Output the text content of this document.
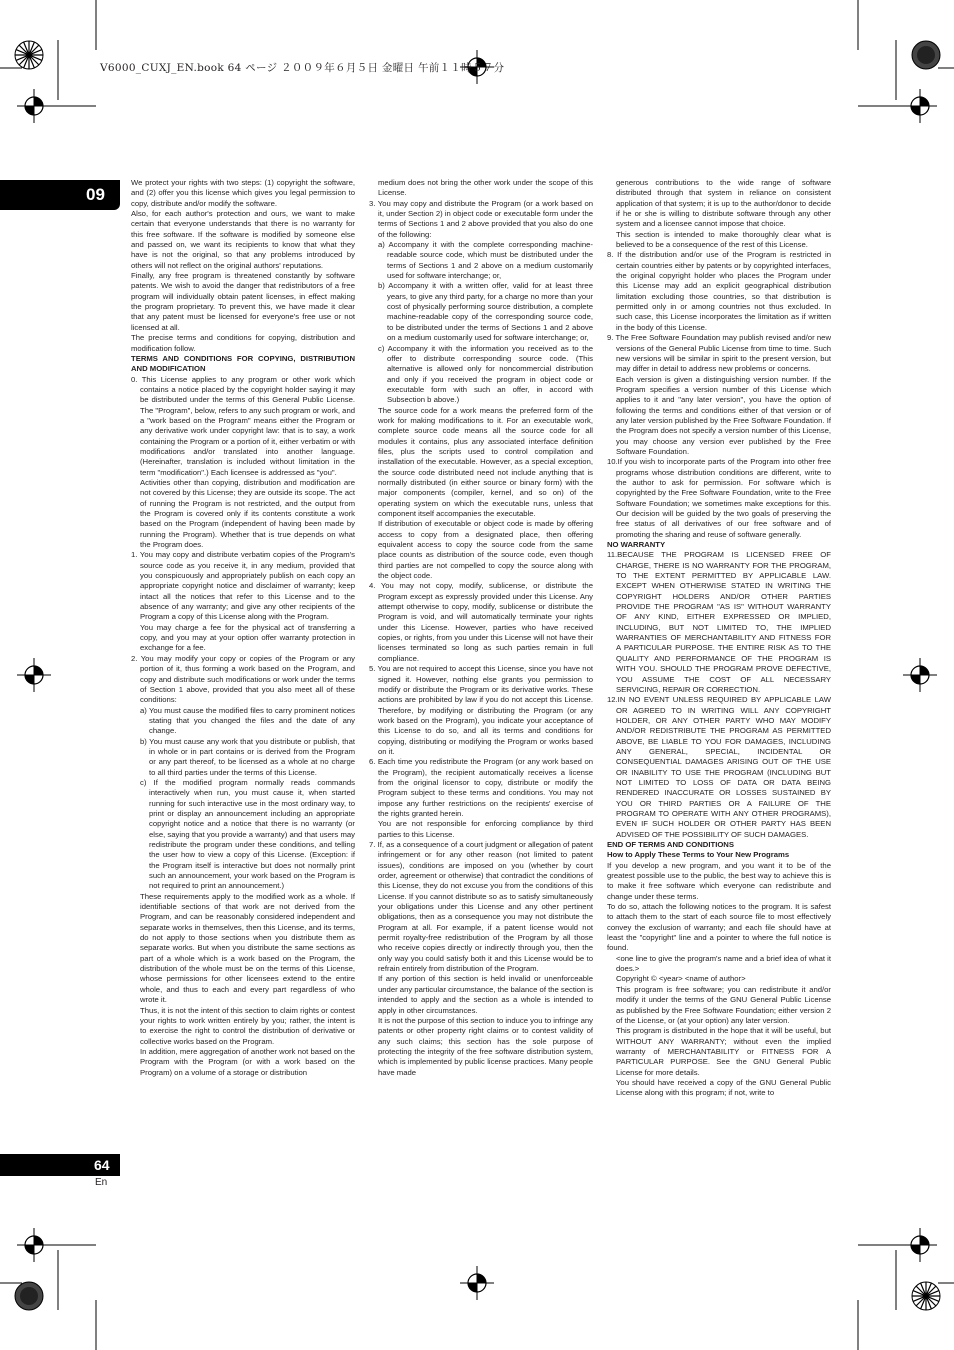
V6000_CUXJ_EN.book 64 ページ ２００９年６月５日 金曜日 午前１１時５７分
09

We protect your rights with two steps: (1) copyright the software, and (2) offer you this license which gives you legal permission to copy, distribute and/or modify the software.

Also, for each author's protection and ours, we want to make certain that everyone understands that there is no warranty for this free software. If the software is modified by someone else and passed on, we want its recipients to know that what they have is not the original, so that any problems introduced by others will not reflect on the original authors' reputations.

Finally, any free program is threatened constantly by software patents. We wish to avoid the danger that redistributors of a free program will individually obtain patent licenses, in effect making the program proprietary. To prevent this, we have made it clear that any patent must be licensed for everyone's free use or not licensed at all.

The precise terms and conditions for copying, distribution and modification follow.

TERMS AND CONDITIONS FOR COPYING, DISTRIBUTION AND MODIFICATION

0. This License applies to any program or other work which contains a notice placed by the copyright holder saying it may be distributed under the terms of this General Public License. The "Program", below, refers to any such program or work, and a "work based on the Program" means either the Program or any derivative work under copyright law: that is to say, a work containing the Program or a portion of it, either verbatim or with modifications and/or translated into another language. (Hereinafter, translation is included without limitation in the term "modification".) Each licensee is addressed as "you".

Activities other than copying, distribution and modification are not covered by this License; they are outside its scope. The act of running the Program is not restricted, and the output from the Program is covered only if its contents constitute a work based on the Program (independent of having been made by running the Program). Whether that is true depends on what the Program does.

1. You may copy and distribute verbatim copies of the Program's source code as you receive it, in any medium, provided that you conspicuously and appropriately publish on each copy an appropriate copyright notice and disclaimer of warranty; keep intact all the notices that refer to this License and to the absence of any warranty; and give any other recipients of the Program a copy of this License along with the Program.

You may charge a fee for the physical act of transferring a copy, and you may at your option offer warranty protection in exchange for a fee.

2. You may modify your copy or copies of the Program or any portion of it, thus forming a work based on the Program, and copy and distribute such modifications or work under the terms of Section 1 above, provided that you also meet all of these conditions:

a) You must cause the modified files to carry prominent notices stating that you changed the files and the date of any change.

b) You must cause any work that you distribute or publish, that in whole or in part contains or is derived from the Program or any part thereof, to be licensed as a whole at no charge to all third parties under the terms of this License.

c) If the modified program normally reads commands interactively when run, you must cause it, when started running for such interactive use in the most ordinary way, to print or display an announcement including an appropriate copyright notice and a notice that there is no warranty (or else, saying that you provide a warranty) and that users may redistribute the program under these conditions, and telling the user how to view a copy of this License. (Exception: if the Program itself is interactive but does not normally print such an announcement, your work based on the Program is not required to print an announcement.)

These requirements apply to the modified work as a whole. If identifiable sections of that work are not derived from the Program, and can be reasonably considered independent and separate works in themselves, then this License, and its terms, do not apply to those sections when you distribute them as separate works. But when you distribute the same sections as part of a whole which is a work based on the Program, the distribution of the whole must be on the terms of this License, whose permissions for other licensees extend to the entire whole, and thus to each and every part regardless of who wrote it.

Thus, it is not the intent of this section to claim rights or contest your rights to work written entirely by you; rather, the intent is to exercise the right to control the distribution of derivative or collective works based on the Program.

In addition, mere aggregation of another work not based on the Program with the Program (or with a work based on the Program) on a volume of a storage or distribution

medium does not bring the other work under the scope of this License.

3. You may copy and distribute the Program (or a work based on it, under Section 2) in object code or executable form under the terms of Sections 1 and 2 above provided that you also do one of the following:

a) Accompany it with the complete corresponding machine-readable source code, which must be distributed under the terms of Sections 1 and 2 above on a medium customarily used for software interchange; or,

b) Accompany it with a written offer, valid for at least three years, to give any third party, for a charge no more than your cost of physically performing source distribution, a complete machine-readable copy of the corresponding source code, to be distributed under the terms of Sections 1 and 2 above on a medium customarily used for software interchange; or,

c) Accompany it with the information you received as to the offer to distribute corresponding source code. (This alternative is allowed only for noncommercial distribution and only if you received the program in object code or executable form with such an offer, in accord with Subsection b above.)

The source code for a work means the preferred form of the work for making modifications to it. For an executable work, complete source code means all the source code for all modules it contains, plus any associated interface definition files, plus the scripts used to control compilation and installation of the executable. However, as a special exception, the source code distributed need not include anything that is normally distributed (in either source or binary form) with the major components (compiler, kernel, and so on) of the operating system on which the executable runs, unless that component itself accompanies the executable.

If distribution of executable or object code is made by offering access to copy from a designated place, then offering equivalent access to copy the source code from the same place counts as distribution of the source code, even though third parties are not compelled to copy the source along with the object code.

4. You may not copy, modify, sublicense, or distribute the Program except as expressly provided under this License. Any attempt otherwise to copy, modify, sublicense or distribute the Program is void, and will automatically terminate your rights under this License. However, parties who have received copies, or rights, from you under this License will not have their licenses terminated so long as such parties remain in full compliance.

5. You are not required to accept this License, since you have not signed it. However, nothing else grants you permission to modify or distribute the Program or its derivative works. These actions are prohibited by law if you do not accept this License. Therefore, by modifying or distributing the Program (or any work based on the Program), you indicate your acceptance of this License to do so, and all its terms and conditions for copying, distributing or modifying the Program or works based on it.

6. Each time you redistribute the Program (or any work based on the Program), the recipient automatically receives a license from the original licensor to copy, distribute or modify the Program subject to these terms and conditions. You may not impose any further restrictions on the recipients' exercise of the rights granted herein.

You are not responsible for enforcing compliance by third parties to this License.

7. If, as a consequence of a court judgment or allegation of patent infringement or for any other reason (not limited to patent issues), conditions are imposed on you (whether by court order, agreement or otherwise) that contradict the conditions of this License, they do not excuse you from the conditions of this License. If you cannot distribute so as to satisfy simultaneously your obligations under this License and any other pertinent obligations, then as a consequence you may not distribute the Program at all. For example, if a patent license would not permit royalty-free redistribution of the Program by all those who receive copies directly or indirectly through you, then the only way you could satisfy both it and this License would be to refrain entirely from distribution of the Program.

If any portion of this section is held invalid or unenforceable under any particular circumstance, the balance of the section is intended to apply and the section as a whole is intended to apply in other circumstances.

It is not the purpose of this section to induce you to infringe any patents or other property right claims or to contest validity of any such claims; this section has the sole purpose of protecting the integrity of the free software distribution system, which is implemented by public license practices. Many people have made

generous contributions to the wide range of software distributed through that system in reliance on consistent application of that system; it is up to the author/donor to decide if he or she is willing to distribute software through any other system and a licensee cannot impose that choice.

This section is intended to make thoroughly clear what is believed to be a consequence of the rest of this License.

8. If the distribution and/or use of the Program is restricted in certain countries either by patents or by copyrighted interfaces, the original copyright holder who places the Program under this License may add an explicit geographical distribution limitation excluding those countries, so that distribution is permitted only in or among countries not thus excluded. In such case, this License incorporates the limitation as if written in the body of this License.

9. The Free Software Foundation may publish revised and/or new versions of the General Public License from time to time. Such new versions will be similar in spirit to the present version, but may differ in detail to address new problems or concerns.

Each version is given a distinguishing version number. If the Program specifies a version number of this License which applies to it and "any later version", you have the option of following the terms and conditions either of that version or of any later version published by the Free Software Foundation. If the Program does not specify a version number of this License, you may choose any version ever published by the Free Software Foundation.

10.If you wish to incorporate parts of the Program into other free programs whose distribution conditions are different, write to the author to ask for permission. For software which is copyrighted by the Free Software Foundation, write to the Free Software Foundation; we sometimes make exceptions for this. Our decision will be guided by the two goals of preserving the free status of all derivatives of our free software and of promoting the sharing and reuse of software generally.

NO WARRANTY

11.BECAUSE THE PROGRAM IS LICENSED FREE OF CHARGE, THERE IS NO WARRANTY FOR THE PROGRAM, TO THE EXTENT PERMITTED BY APPLICABLE LAW. EXCEPT WHEN OTHERWISE STATED IN WRITING THE COPYRIGHT HOLDERS AND/OR OTHER PARTIES PROVIDE THE PROGRAM "AS IS" WITHOUT WARRANTY OF ANY KIND, EITHER EXPRESSED OR IMPLIED, INCLUDING, BUT NOT LIMITED TO, THE IMPLIED WARRANTIES OF MERCHANTABILITY AND FITNESS FOR A PARTICULAR PURPOSE. THE ENTIRE RISK AS TO THE QUALITY AND PERFORMANCE OF THE PROGRAM IS WITH YOU. SHOULD THE PROGRAM PROVE DEFECTIVE, YOU ASSUME THE COST OF ALL NECESSARY SERVICING, REPAIR OR CORRECTION.

12.IN NO EVENT UNLESS REQUIRED BY APPLICABLE LAW OR AGREED TO IN WRITING WILL ANY COPYRIGHT HOLDER, OR ANY OTHER PARTY WHO MAY MODIFY AND/OR REDISTRIBUTE THE PROGRAM AS PERMITTED ABOVE, BE LIABLE TO YOU FOR DAMAGES, INCLUDING ANY GENERAL, SPECIAL, INCIDENTAL OR CONSEQUENTIAL DAMAGES ARISING OUT OF THE USE OR INABILITY TO USE THE PROGRAM (INCLUDING BUT NOT LIMITED TO LOSS OF DATA OR DATA BEING RENDERED INACCURATE OR LOSSES SUSTAINED BY YOU OR THIRD PARTIES OR A FAILURE OF THE PROGRAM TO OPERATE WITH ANY OTHER PROGRAMS), EVEN IF SUCH HOLDER OR OTHER PARTY HAS BEEN ADVISED OF THE POSSIBILITY OF SUCH DAMAGES.

END OF TERMS AND CONDITIONS

How to Apply These Terms to Your New Programs

If you develop a new program, and you want it to be of the greatest possible use to the public, the best way to achieve this is to make it free software which everyone can redistribute and change under these terms.

To do so, attach the following notices to the program. It is safest to attach them to the start of each source file to most effectively convey the exclusion of warranty; and each file should have at least the "copyright" line and a pointer to where the full notice is found.

<one line to give the program's name and a brief idea of what it does.>

Copyright © <year> <name of author>

This program is free software; you can redistribute it and/or modify it under the terms of the GNU General Public License as published by the Free Software Foundation; either version 2 of the License, or (at your option) any later version.

This program is distributed in the hope that it will be useful, but WITHOUT ANY WARRANTY; without even the implied warranty of MERCHANTABILITY or FITNESS FOR A PARTICULAR PURPOSE. See the GNU General Public License for more details.

You should have received a copy of the GNU General Public License along with this program; if not, write to

64
En
